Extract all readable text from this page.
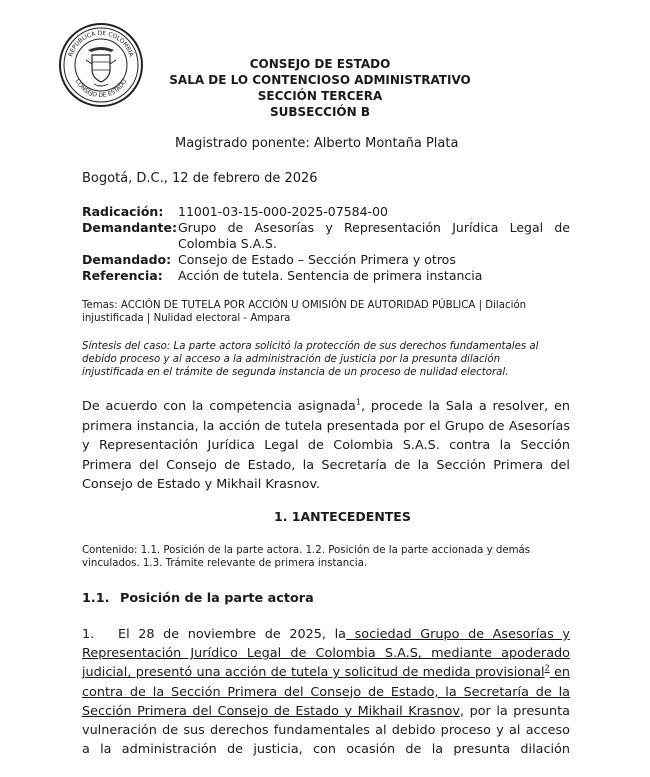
REPÚBLICA DE COLOMBIA
CONSEJO DE ESTADO
CONSEJO DE ESTADO
SALA DE LO CONTENCIOSO ADMINISTRATIVO
SECCIÓN TERCERA
SUBSECCIÓN B
Magistrado ponente: Alberto Montaña Plata
Bogotá, D.C., 12 de febrero de 2026
Radicación: 11001-03-15-000-2025-07584-00
Demandante: Grupo de Asesorías y Representación Jurídica Legal de
Colombia S.A.S.
Demandado: Consejo de Estado – Sección Primera y otros
Referencia: Acción de tutela. Sentencia de primera instancia
Temas: ACCIÓN DE TUTELA POR ACCIÓN U OMISIÓN DE AUTORIDAD PÚBLICA | Dilación
injustificada | Nulidad electoral - Ampara
Síntesis del caso: La parte actora solicitó la protección de sus derechos fundamentales al
debido proceso y al acceso a la administración de justicia por la presunta dilación
injustificada en el trámite de segunda instancia de un proceso de nulidad electoral.
De acuerdo con la competencia asignada$^1$, procede la Sala a resolver, en
primera instancia, la acción de tutela presentada por el Grupo de Asesorías
y Representación Jurídica Legal de Colombia S.A.S. contra la Sección
Primera del Consejo de Estado, la Secretaría de la Sección Primera del
Consejo de Estado y Mikhail Krasnov.
1. 1ANTECEDENTES
Contenido: 1.1. Posición de la parte actora. 1.2. Posición de la parte accionada y demás
vinculados. 1.3. Trámite relevante de primera instancia.
1.1. Posición de la parte actora
1.	El 28 de noviembre de 2025, la sociedad Grupo de Asesorías y
Representación Jurídico Legal de Colombia S.A.S, mediante apoderado
judicial, presentó una acción de tutela y solicitud de medida provisional$^2$ en
contra de la Sección Primera del Consejo de Estado, la Secretaría de la
Sección Primera del Consejo de Estado y Mikhail Krasnov, por la presunta
vulneración de sus derechos fundamentales al debido proceso y al acceso
a la administración de justicia, con ocasión de la presunta dilación
